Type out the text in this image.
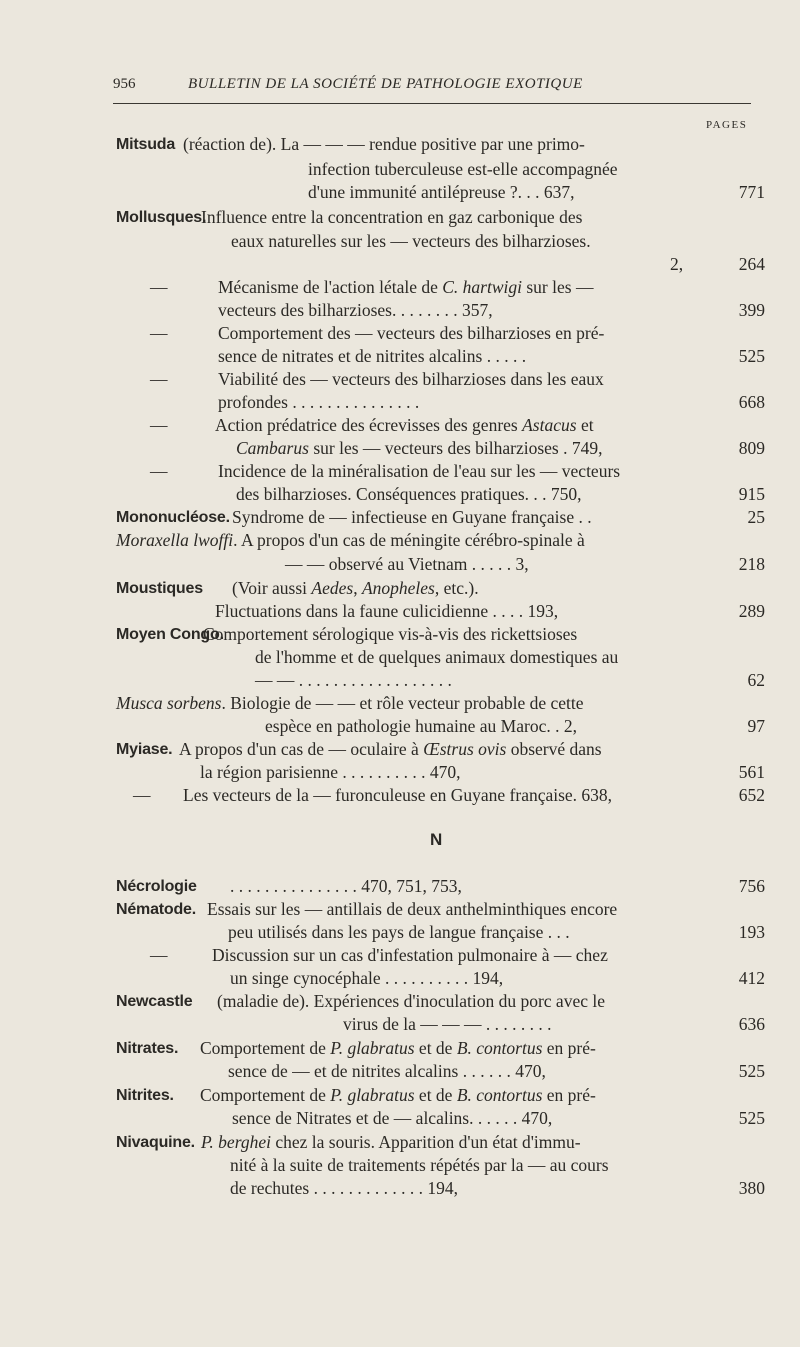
956	BULLETIN DE LA SOCIÉTÉ DE PATHOLOGIE EXOTIQUE
PAGES
Mitsuda (réaction de). La — — — rendue positive par une primo-
infection tuberculeuse est-elle accompagnée
d'une immunité antilépreuse ?. . . 637,	771
Mollusques.
Influence entre la concentration en gaz carbonique des
eaux naturelles sur les — vecteurs des bilharzioses.
2,	264
—	Mécanisme de l'action létale de C. hartwigi sur les —
vecteurs des bilharzioses. . . . . . . . 357,	399
—	Comportement des — vecteurs des bilharzioses en pré-
sence de nitrates et de nitrites alcalins . . . . .	525
—	Viabilité des — vecteurs des bilharzioses dans les eaux
profondes . . . . . . . . . . . . . . .	668
—	Action prédatrice des écrevisses des genres Astacus et
Cambarus sur les — vecteurs des bilharzioses . 749,	809
—	Incidence de la minéralisation de l'eau sur les — vecteurs
des bilharzioses. Conséquences pratiques. . . 750,	915
Mononucléose. Syndrome de — infectieuse en Guyane française . .	25
Moraxella lwoffi. A propos d'un cas de méningite cérébro-spinale à
— — observé au Vietnam . . . . . 3,	218
Moustiques (Voir aussi Aedes, Anopheles, etc.).
Fluctuations dans la faune culicidienne . . . . 193,	289
Moyen Congo.
Comportement sérologique vis-à-vis des rickettsioses
de l'homme et de quelques animaux domestiques au
— — . . . . . . . . . . . . . . . . . .	62
Musca sorbens. Biologie de — — et rôle vecteur probable de cette
espèce en pathologie humaine au Maroc. . 2,	97
Myiase. A propos d'un cas de — oculaire à Œstrus ovis observé dans
la région parisienne . . . . . . . . . . 470,	561
— Les vecteurs de la — furonculeuse en Guyane française. 638,	652
Nécrologie . . . . . . . . . . . . . . . 470, 751, 753,	756
Nématode. Essais sur les — antillais de deux anthelminthiques encore
peu utilisés dans les pays de langue française . . .	193
—	Discussion sur un cas d'infestation pulmonaire à — chez
un singe cynocéphale . . . . . . . . . . 194,	412
Newcastle (maladie de). Expériences d'inoculation du porc avec le
virus de la — — — . . . . . . . .	636
Nitrates. Comportement de P. glabratus et de B. contortus en pré-
sence de — et de nitrites alcalins . . . . . . 470,	525
Nitrites. Comportement de P. glabratus et de B. contortus en pré-
sence de Nitrates et de — alcalins. . . . . . 470,	525
Nivaquine. P. berghei chez la souris. Apparition d'un état d'immu-
nité à la suite de traitements répétés par la — au cours
de rechutes . . . . . . . . . . . . . 194,	380
N
